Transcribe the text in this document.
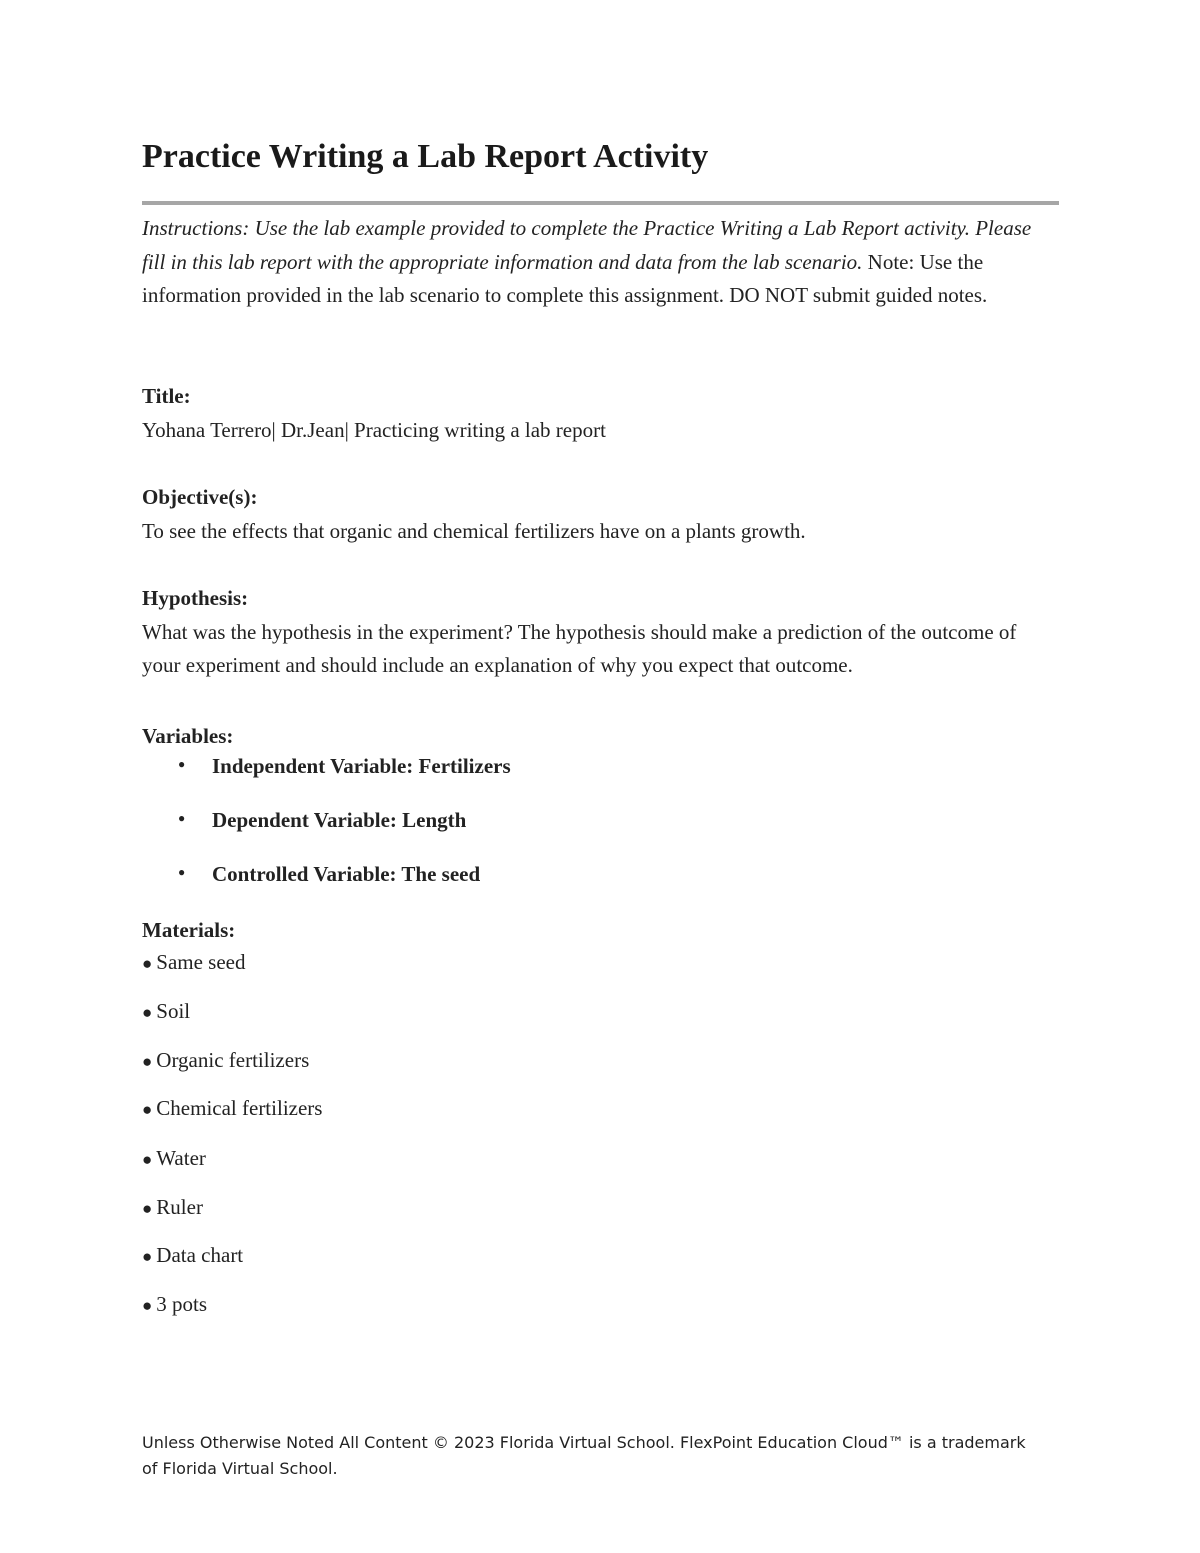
Practice Writing a Lab Report Activity
Instructions: Use the lab example provided to complete the Practice Writing a Lab Report activity. Please fill in this lab report with the appropriate information and data from the lab scenario. Note: Use the information provided in the lab scenario to complete this assignment. DO NOT submit guided notes.
Title:
Yohana Terrero| Dr.Jean| Practicing writing a lab report
Objective(s):
To see the effects that organic and chemical fertilizers have on a plants growth.
Hypothesis:
What was the hypothesis in the experiment? The hypothesis should make a prediction of the outcome of your experiment and should include an explanation of why you expect that outcome.
Variables:
● Independent Variable: Fertilizers
● Dependent Variable: Length
● Controlled Variable: The seed
Materials:
● Same seed
● Soil
● Organic fertilizers
● Chemical fertilizers
● Water
● Ruler
● Data chart
● 3 pots
Unless Otherwise Noted All Content © 2023 Florida Virtual School. FlexPoint Education Cloud™ is a trademark of Florida Virtual School.
